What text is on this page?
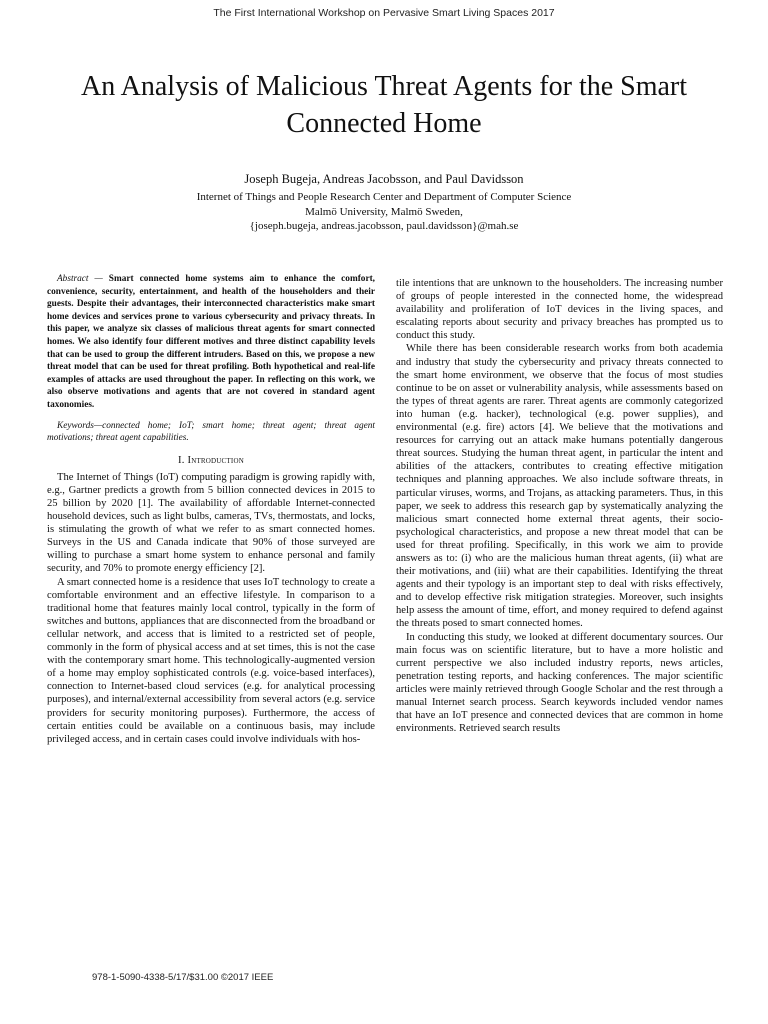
The First International Workshop on Pervasive Smart Living Spaces 2017
An Analysis of Malicious Threat Agents for the Smart Connected Home
Joseph Bugeja, Andreas Jacobsson, and Paul Davidsson
Internet of Things and People Research Center and Department of Computer Science
Malmö University, Malmö Sweden,
{joseph.bugeja, andreas.jacobsson, paul.davidsson}@mah.se

Abstract — Smart connected home systems aim to enhance the comfort, convenience, security, entertainment, and health of the householders and their guests. Despite their advantages, their interconnected characteristics make smart home devices and services prone to various cybersecurity and privacy threats. In this paper, we analyze six classes of malicious threat agents for smart connected homes. We also identify four different motives and three distinct capability levels that can be used to group the different intruders. Based on this, we propose a new threat model that can be used for threat profiling. Both hypothetical and real-life examples of attacks are used throughout the paper. In reflecting on this work, we also observe motivations and agents that are not covered in standard agent taxonomies.

Keywords—connected home; IoT; smart home; threat agent; threat agent motivations; threat agent capabilities.

I. Introduction

The Internet of Things (IoT) computing paradigm is growing rapidly with, e.g., Gartner predicts a growth from 5 billion connected devices in 2015 to 25 billion by 2020 [1]. The availability of affordable Internet-connected household devices, such as light bulbs, cameras, TVs, thermostats, and locks, is stimulating the growth of what we refer to as smart connected homes. Surveys in the US and Canada indicate that 90% of those surveyed are willing to purchase a smart home system to enhance personal and family security, and 70% to promote energy efficiency [2].

A smart connected home is a residence that uses IoT technology to create a comfortable environment and an effective lifestyle. In comparison to a traditional home that features mainly local control, typically in the form of switches and buttons, appliances that are disconnected from the broadband or cellular network, and access that is limited to a restricted set of people, commonly in the form of physical access and at set times, this is not the case with the contemporary smart home. This technologically-augmented version of a home may employ sophisticated controls (e.g. voice-based interfaces), connection to Internet-based cloud services (e.g. for analytical processing purposes), and internal/external accessibility from several actors (e.g. service providers for security monitoring purposes). Furthermore, the access of certain entities could be available on a continuous basis, may include privileged access, and in certain cases could involve individuals with hos-

tile intentions that are unknown to the householders. The increasing number of groups of people interested in the connected home, the widespread availability and proliferation of IoT devices in the living spaces, and escalating reports about security and privacy breaches has prompted us to conduct this study.

While there has been considerable research works from both academia and industry that study the cybersecurity and privacy threats connected to the smart home environment, we observe that the focus of most studies continue to be on asset or vulnerability analysis, while assessments based on the types of threat agents are rarer. Threat agents are commonly categorized into human (e.g. hacker), technological (e.g. power supplies), and environmental (e.g. fire) actors [4]. We believe that the motivations and resources for carrying out an attack make humans potentially dangerous threat sources. Studying the human threat agent, in particular the intent and abilities of the attackers, contributes to creating effective mitigation techniques and planning approaches. We also include software threats, in particular viruses, worms, and Trojans, as attacking parameters. Thus, in this paper, we seek to address this research gap by systematically analyzing the malicious smart connected home external threat agents, their socio-psychological characteristics, and propose a new threat model that can be used for threat profiling. Specifically, in this work we aim to provide answers as to: (i) who are the malicious human threat agents, (ii) what are their motivations, and (iii) what are their capabilities. Identifying the threat agents and their typology is an important step to deal with risks effectively, and to develop effective risk mitigation strategies. Moreover, such insights help assess the amount of time, effort, and money required to defend against the threats posed to smart connected homes.

In conducting this study, we looked at different documentary sources. Our main focus was on scientific literature, but to have a more holistic and current perspective we also included industry reports, news articles, penetration testing reports, and hacking conferences. The major scientific articles were mainly retrieved through Google Scholar and the rest through a manual Internet search process. Search keywords included vendor names that have an IoT presence and connected devices that are common in home environments. Retrieved search results

978-1-5090-4338-5/17/$31.00 ©2017 IEEE
